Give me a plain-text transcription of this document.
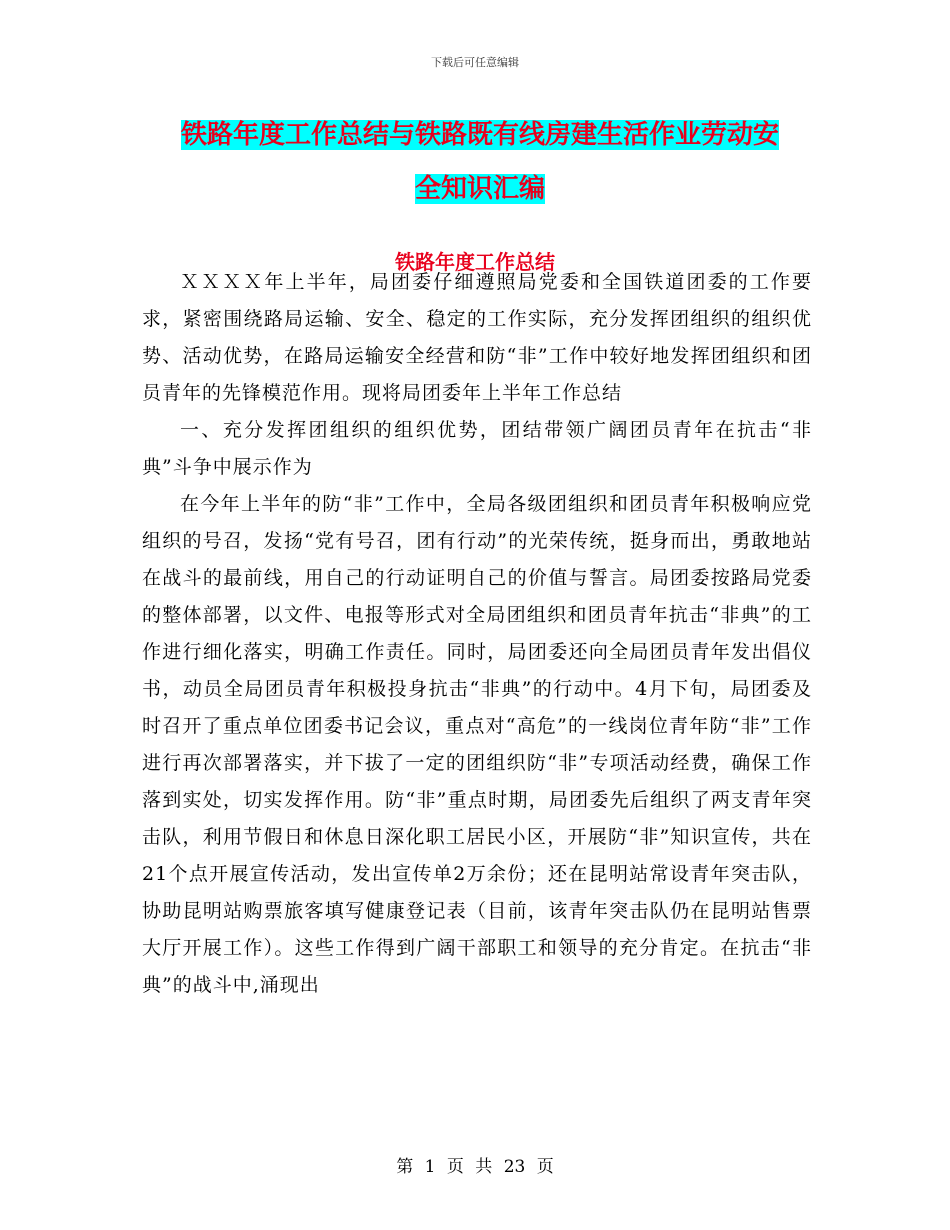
下载后可任意编辑
铁路年度工作总结与铁路既有线房建生活作业劳动安
全知识汇编
铁路年度工作总结

ＸＸＸＸ年上半年，局团委仔细遵照局党委和全国铁道团委的工作要求，紧密围绕路局运输、安全、稳定的工作实际，充分发挥团组织的组织优势、活动优势，在路局运输安全经营和防“非”工作中较好地发挥团组织和团员青年的先锋模范作用。现将局团委年上半年工作总结

一、充分发挥团组织的组织优势，团结带领广阔团员青年在抗击“非典”斗争中展示作为

在今年上半年的防“非”工作中，全局各级团组织和团员青年积极响应党组织的号召，发扬“党有号召，团有行动”的光荣传统，挺身而出，勇敢地站在战斗的最前线，用自己的行动证明自己的价值与誓言。局团委按路局党委的整体部署，以文件、电报等形式对全局团组织和团员青年抗击“非典”的工作进行细化落实，明确工作责任。同时，局团委还向全局团员青年发出倡仪书，动员全局团员青年积极投身抗击“非典”的行动中。4月下旬，局团委及时召开了重点单位团委书记会议，重点对“高危”的一线岗位青年防“非”工作进行再次部署落实，并下拔了一定的团组织防“非”专项活动经费，确保工作落到实处，切实发挥作用。防“非”重点时期，局团委先后组织了两支青年突击队，利用节假日和休息日深化职工居民小区，开展防“非”知识宣传，共在21个点开展宣传活动，发出宣传单2万余份；还在昆明站常设青年突击队，协助昆明站购票旅客填写健康登记表（目前，该青年突击队仍在昆明站售票大厅开展工作）。这些工作得到广阔干部职工和领导的充分肯定。在抗击“非典”的战斗中,涌现出

第 1 页 共 23 页
